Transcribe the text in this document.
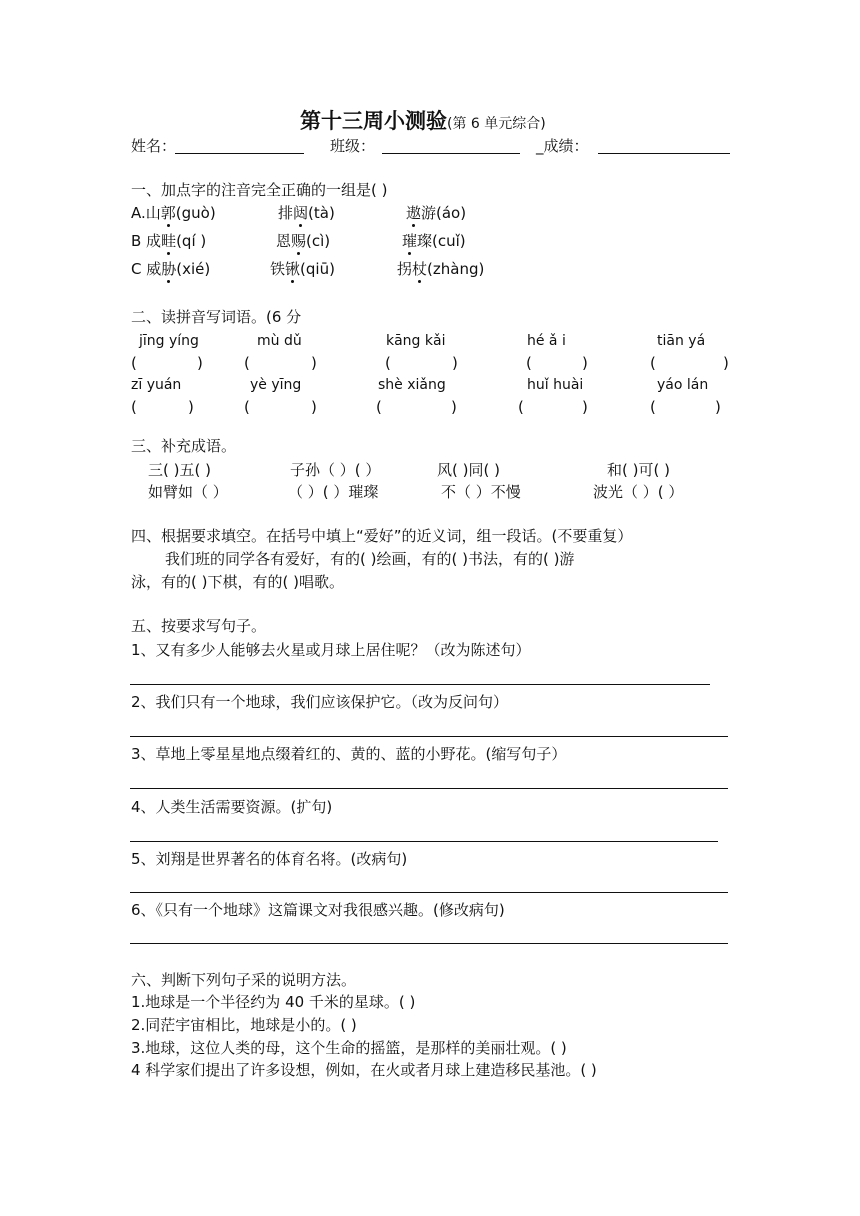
第十三周小测验(第 6 单元综合)
姓名：	班级：	_成绩：
一、加点字的注音完全正确的一组是( )
A.山郭(guò)	排闼(tà)	遨游(áo)
B 成畦(qí )	恩赐(cì)	璀璨(cuǐ)
C 威胁(xié)	铁锹(qiū)	拐杖(zhàng)
二、读拼音写词语。(6 分
jīng yíng	mù dǔ	kāng kǎi	hé ǎ i	tiān yá
(	)	(	)	(	)	(	)	(	)
zī yuán	yè yīng	shè xiǎng	huǐ huài	yáo lán
(	)	(	)	(	)	(	)	(	)
三、补充成语。
三( )五( )	子孙（ ）( ）	风( )同( )	和( )可( )
如臂如（ ）	（ ）( ）璀璨	不（ ）不慢	波光（ ）( ）
四、根据要求填空。在括号中填上“爱好”的近义词，组一段话。(不要重复）
我们班的同学各有爱好，有的( )绘画，有的( )书法，有的( )游
泳，有的( )下棋，有的( )唱歌。
五、按要求写句子。
1、又有多少人能够去火星或月球上居住呢？（改为陈述句）
2、我们只有一个地球，我们应该保护它。（改为反问句）
3、草地上零星星地点缀着红的、黄的、蓝的小野花。(缩写句子）
4、人类生活需要资源。(扩句)
5、刘翔是世界著名的体育名将。(改病句)
6、《只有一个地球》这篇课文对我很感兴趣。(修改病句)
六、判断下列句子采的说明方法。
1.地球是一个半径约为 40 千米的星球。( )
2.同茫宇宙相比，地球是小的。( )
3.地球，这位人类的母，这个生命的摇篮，是那样的美丽壮观。( )
4 科学家们提出了许多设想，例如，在火或者月球上建造移民基池。( )
